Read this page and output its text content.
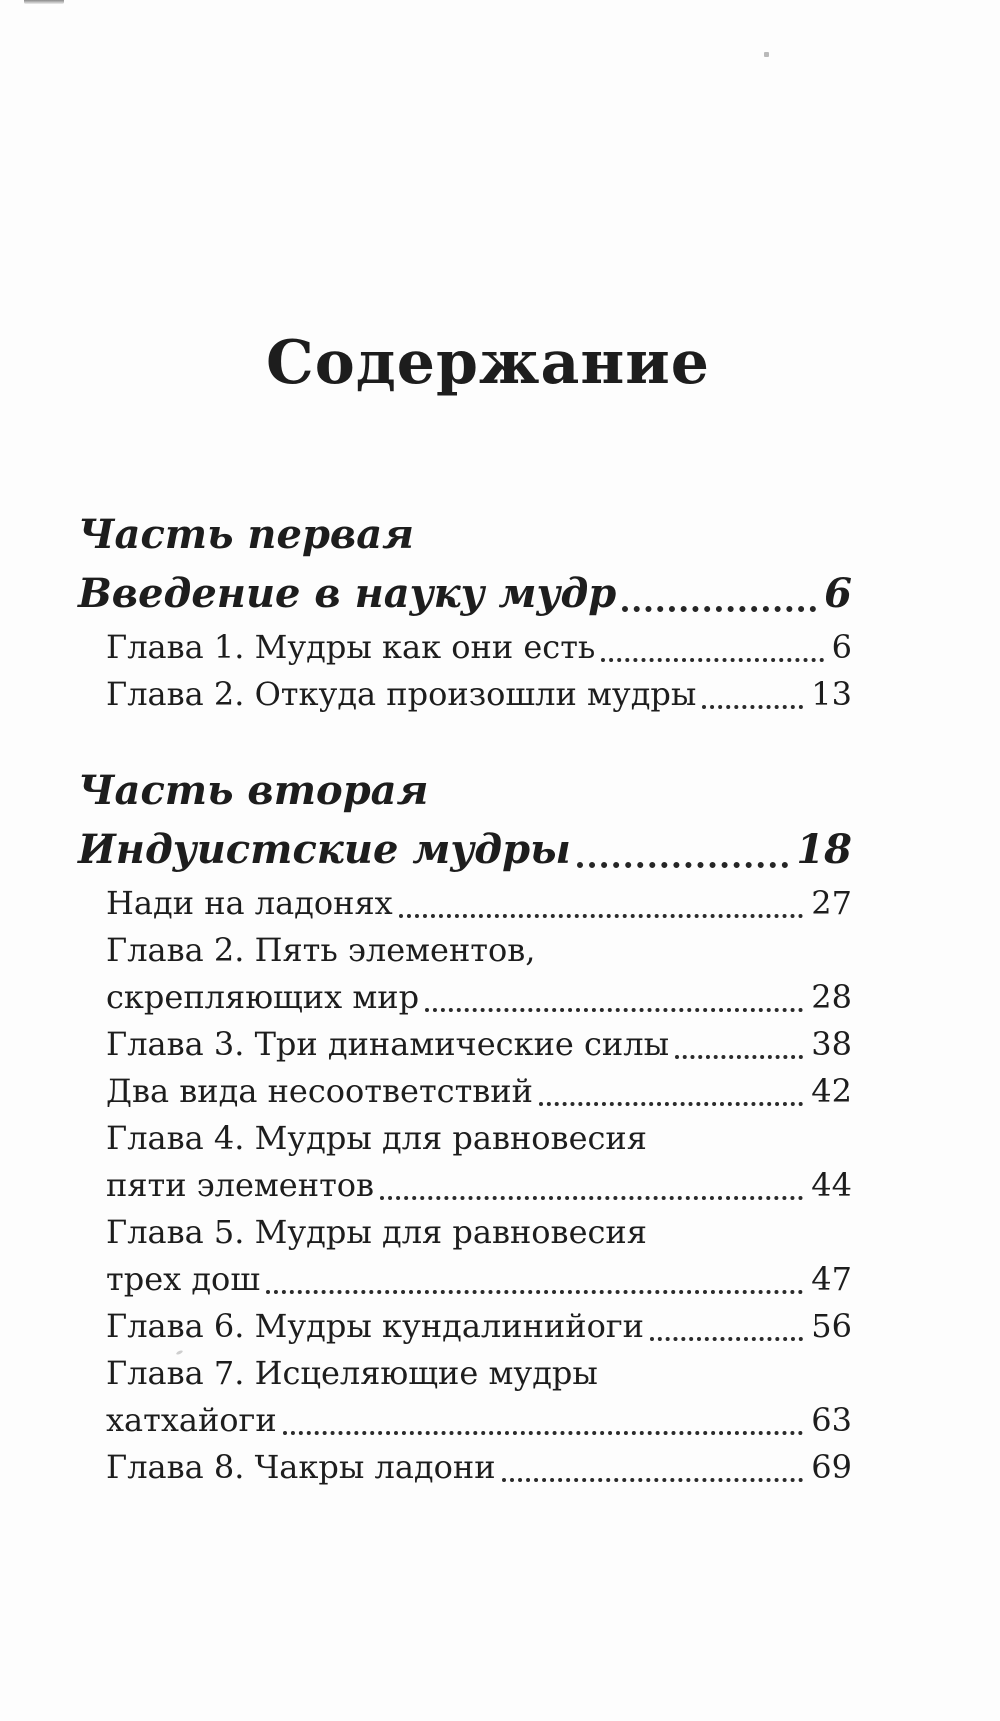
Содержание
Часть первая
Введение в науку мудр	6
Глава 1. Мудры как они есть	6
Глава 2. Откуда произошли мудры	13
Часть вторая
Индуистские мудры	18
Нади на ладонях	27
Глава 2. Пять элементов,
скрепляющих мир	28
Глава 3. Три динамические силы	38
Два вида несоответствий	42
Глава 4. Мудры для равновесия
пяти элементов	44
Глава 5. Мудры для равновесия
трех дош	47
Глава 6. Мудры кундалинийоги	56
Глава 7. Исцеляющие мудры
хатхайоги	63
Глава 8. Чакры ладони	69
